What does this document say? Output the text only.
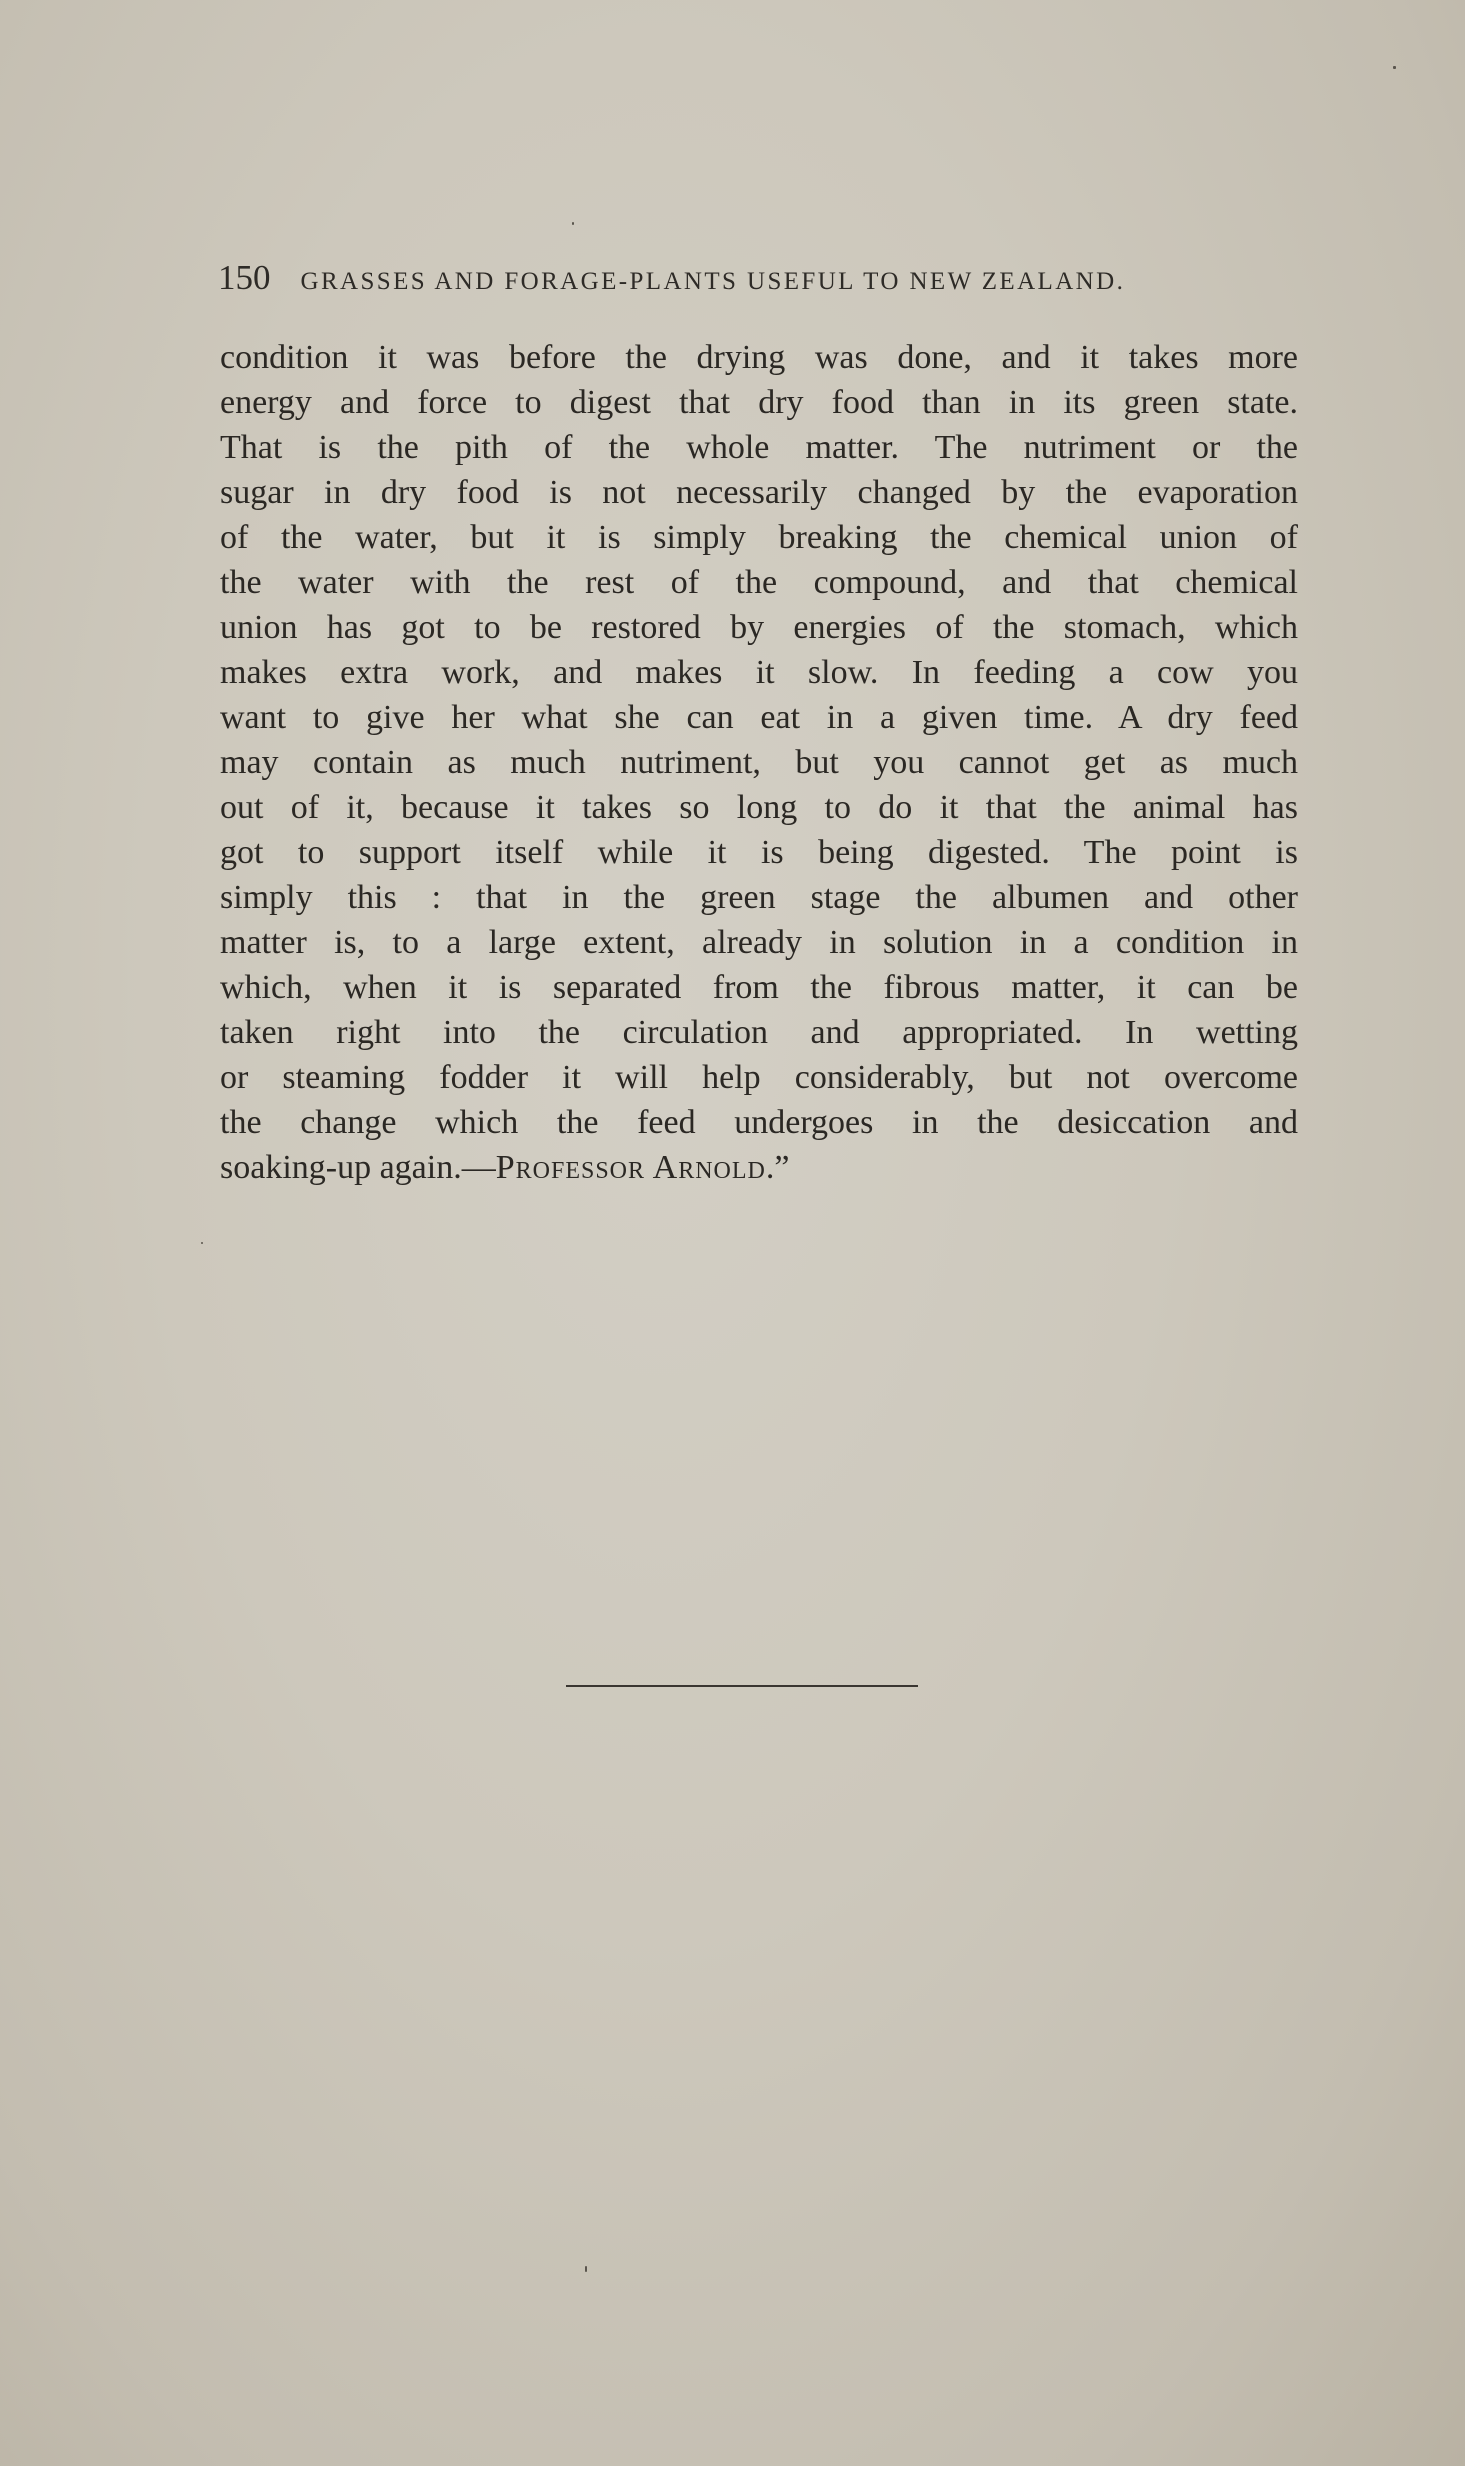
150 GRASSES AND FORAGE-PLANTS USEFUL TO NEW ZEALAND.
condition it was before the drying was done, and it takes more
energy and force to digest that dry food than in its green state.
That is the pith of the whole matter. The nutriment or the
sugar in dry food is not necessarily changed by the evaporation
of the water, but it is simply breaking the chemical union of
the water with the rest of the compound, and that chemical
union has got to be restored by energies of the stomach, which
makes extra work, and makes it slow. In feeding a cow you
want to give her what she can eat in a given time. A dry feed
may contain as much nutriment, but you cannot get as much
out of it, because it takes so long to do it that the animal has
got to support itself while it is being digested. The point is
simply this : that in the green stage the albumen and other
matter is, to a large extent, already in solution in a condition in
which, when it is separated from the fibrous matter, it can be
taken right into the circulation and appropriated. In wetting
or steaming fodder it will help considerably, but not overcome
the change which the feed undergoes in the desiccation and
soaking-up again.—Professor Arnold.”
